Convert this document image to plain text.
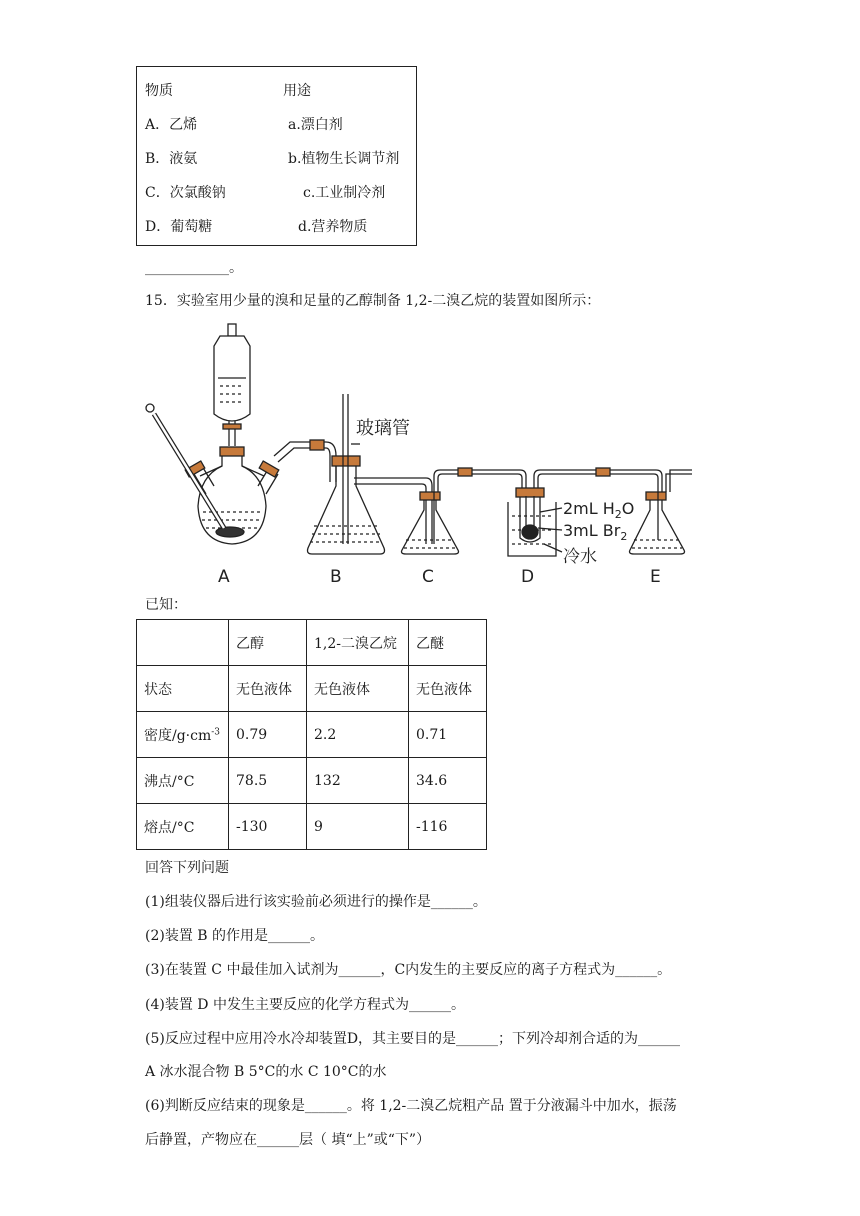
物质	用途
A．乙烯	a.漂白剂
B．液氨	b.植物生长调节剂
C．次氯酸钠	c.工业制冷剂
D．葡萄糖	d.营养物质
____________。
15．实验室用少量的溴和足量的乙醇制备 1,2-二溴乙烷的装置如图所示：
玻璃管
2mL $H_2O$
3mL $Br_2$
冷水
A	B	C	D	E
已知：
	乙醇	1,2-二溴乙烷	乙醚
状态	无色液体	无色液体	无色液体
密度$/g\cdot cm^{-3}$	0.79	2.2	0.71
沸点/°C	78.5	132	34.6
熔点/°C	-130	9	-116
回答下列问题
(1)组装仪器后进行该实验前必须进行的操作是______。
(2)装置 B 的作用是______。
(3)在装置 C 中最佳加入试剂为______，C内发生的主要反应的离子方程式为______。
(4)装置 D 中发生主要反应的化学方程式为______。
(5)反应过程中应用冷水冷却装置D，其主要目的是______；下列冷却剂合适的为______
A 冰水混合物 B 5°C的水 C 10°C的水
(6)判断反应结束的现象是______。将 1,2-二溴乙烷粗产品 置于分液漏斗中加水，振荡
后静置，产物应在______层（ 填“上”或“下”）
